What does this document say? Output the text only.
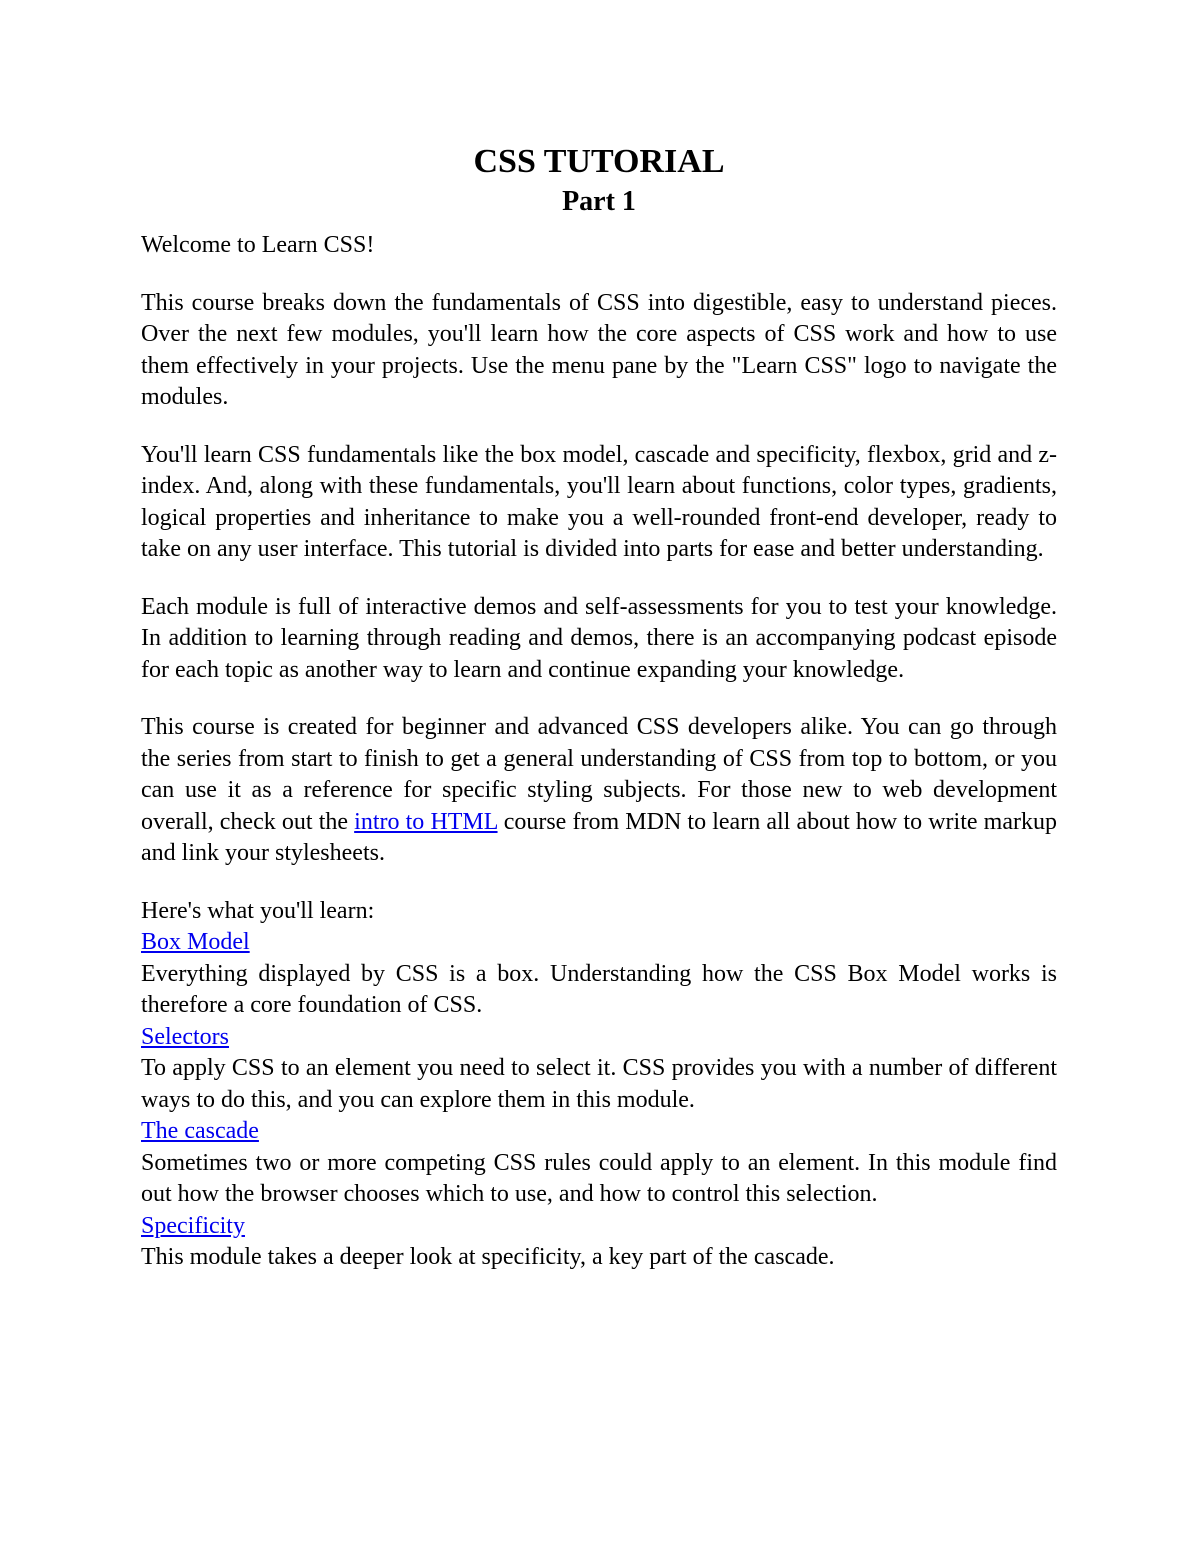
CSS TUTORIAL
Part 1

Welcome to Learn CSS!

This course breaks down the fundamentals of CSS into digestible, easy to understand pieces. Over the next few modules, you'll learn how the core aspects of CSS work and how to use them effectively in your projects. Use the menu pane by the "Learn CSS" logo to navigate the modules.

You'll learn CSS fundamentals like the box model, cascade and specificity, flexbox, grid and z-index. And, along with these fundamentals, you'll learn about functions, color types, gradients, logical properties and inheritance to make you a well-rounded front-end developer, ready to take on any user interface. This tutorial is divided into parts for ease and better understanding.

Each module is full of interactive demos and self-assessments for you to test your knowledge. In addition to learning through reading and demos, there is an accompanying podcast episode for each topic as another way to learn and continue expanding your knowledge.

This course is created for beginner and advanced CSS developers alike. You can go through the series from start to finish to get a general understanding of CSS from top to bottom, or you can use it as a reference for specific styling subjects. For those new to web development overall, check out the intro to HTML course from MDN to learn all about how to write markup and link your stylesheets.

Here's what you'll learn:

Box Model

Everything displayed by CSS is a box. Understanding how the CSS Box Model works is therefore a core foundation of CSS.

Selectors

To apply CSS to an element you need to select it. CSS provides you with a number of different ways to do this, and you can explore them in this module.

The cascade

Sometimes two or more competing CSS rules could apply to an element. In this module find out how the browser chooses which to use, and how to control this selection.

Specificity

This module takes a deeper look at specificity, a key part of the cascade.
